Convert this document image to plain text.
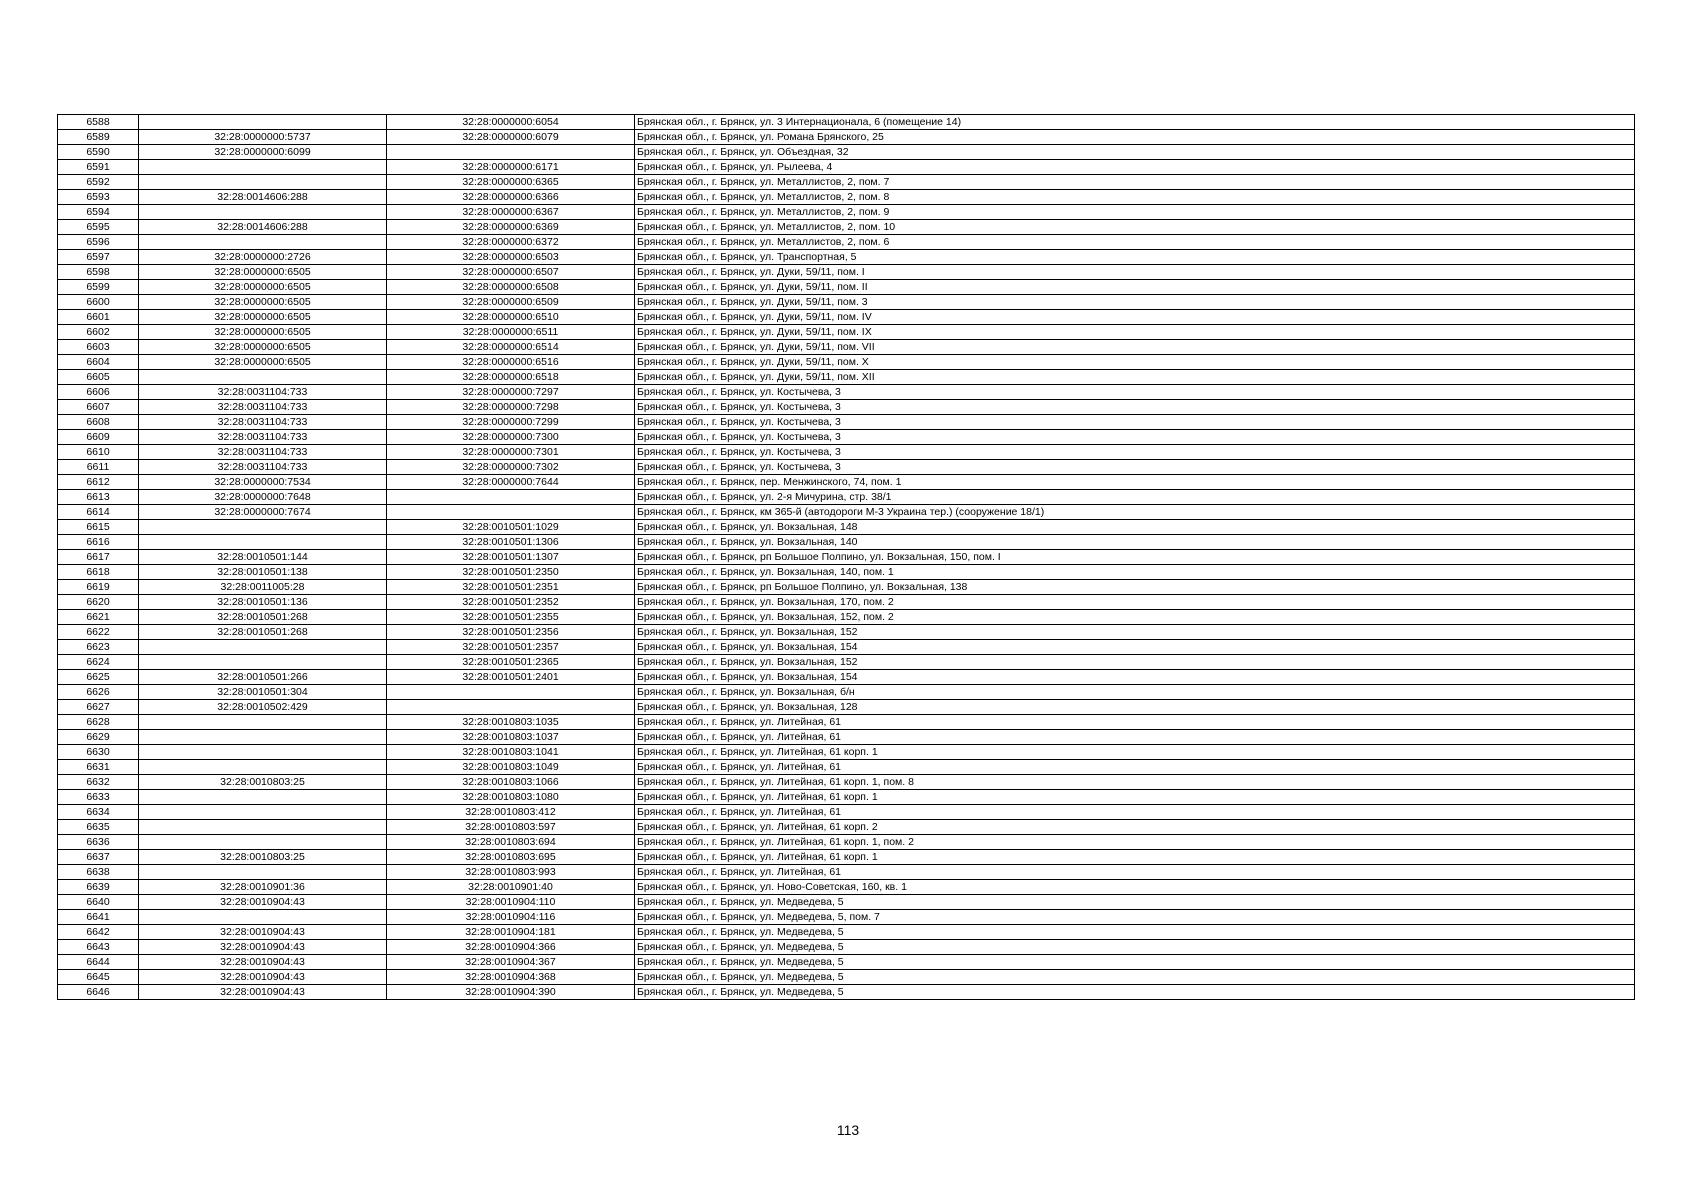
6588		32:28:0000000:6054	Брянская обл., г. Брянск, ул. 3 Интернационала, 6 (помещение 14)
6589	32:28:0000000:5737	32:28:0000000:6079	Брянская обл., г. Брянск, ул. Романа Брянского, 25
6590	32:28:0000000:6099		Брянская обл., г. Брянск, ул. Объездная, 32
6591		32:28:0000000:6171	Брянская обл., г. Брянск, ул. Рылеева, 4
6592		32:28:0000000:6365	Брянская обл., г. Брянск, ул. Металлистов, 2, пом. 7
6593	32:28:0014606:288	32:28:0000000:6366	Брянская обл., г. Брянск, ул. Металлистов, 2, пом. 8
6594		32:28:0000000:6367	Брянская обл., г. Брянск, ул. Металлистов, 2, пом. 9
6595	32:28:0014606:288	32:28:0000000:6369	Брянская обл., г. Брянск, ул. Металлистов, 2, пом. 10
6596		32:28:0000000:6372	Брянская обл., г. Брянск, ул. Металлистов, 2, пом. 6
6597	32:28:0000000:2726	32:28:0000000:6503	Брянская обл., г. Брянск, ул. Транспортная, 5
6598	32:28:0000000:6505	32:28:0000000:6507	Брянская обл., г. Брянск, ул. Дуки, 59/11, пом. I
6599	32:28:0000000:6505	32:28:0000000:6508	Брянская обл., г. Брянск, ул. Дуки, 59/11, пом. II
6600	32:28:0000000:6505	32:28:0000000:6509	Брянская обл., г. Брянск, ул. Дуки, 59/11, пом. 3
6601	32:28:0000000:6505	32:28:0000000:6510	Брянская обл., г. Брянск, ул. Дуки, 59/11, пом. IV
6602	32:28:0000000:6505	32:28:0000000:6511	Брянская обл., г. Брянск, ул. Дуки, 59/11, пом. IX
6603	32:28:0000000:6505	32:28:0000000:6514	Брянская обл., г. Брянск, ул. Дуки, 59/11, пом. VII
6604	32:28:0000000:6505	32:28:0000000:6516	Брянская обл., г. Брянск, ул. Дуки, 59/11, пом. X
6605		32:28:0000000:6518	Брянская обл., г. Брянск, ул. Дуки, 59/11, пом. XII
6606	32:28:0031104:733	32:28:0000000:7297	Брянская обл., г. Брянск, ул. Костычева, 3
6607	32:28:0031104:733	32:28:0000000:7298	Брянская обл., г. Брянск, ул. Костычева, 3
6608	32:28:0031104:733	32:28:0000000:7299	Брянская обл., г. Брянск, ул. Костычева, 3
6609	32:28:0031104:733	32:28:0000000:7300	Брянская обл., г. Брянск, ул. Костычева, 3
6610	32:28:0031104:733	32:28:0000000:7301	Брянская обл., г. Брянск, ул. Костычева, 3
6611	32:28:0031104:733	32:28:0000000:7302	Брянская обл., г. Брянск, ул. Костычева, 3
6612	32:28:0000000:7534	32:28:0000000:7644	Брянская обл., г. Брянск, пер. Менжинского, 74, пом. 1
6613	32:28:0000000:7648		Брянская обл., г. Брянск, ул. 2-я Мичурина, стр. 38/1
6614	32:28:0000000:7674		Брянская обл., г. Брянск, км 365-й (автодороги М-3 Украина тер.) (сооружение 18/1)
6615		32:28:0010501:1029	Брянская обл., г. Брянск, ул. Вокзальная, 148
6616		32:28:0010501:1306	Брянская обл., г. Брянск, ул. Вокзальная, 140
6617	32:28:0010501:144	32:28:0010501:1307	Брянская обл., г. Брянск, рп Большое Полпино, ул. Вокзальная, 150, пом. I
6618	32:28:0010501:138	32:28:0010501:2350	Брянская обл., г. Брянск, ул. Вокзальная, 140, пом. 1
6619	32:28:0011005:28	32:28:0010501:2351	Брянская обл., г. Брянск, рп Большое Полпино, ул. Вокзальная, 138
6620	32:28:0010501:136	32:28:0010501:2352	Брянская обл., г. Брянск, ул. Вокзальная, 170, пом. 2
6621	32:28:0010501:268	32:28:0010501:2355	Брянская обл., г. Брянск, ул. Вокзальная, 152, пом. 2
6622	32:28:0010501:268	32:28:0010501:2356	Брянская обл., г. Брянск, ул. Вокзальная, 152
6623		32:28:0010501:2357	Брянская обл., г. Брянск, ул. Вокзальная, 154
6624		32:28:0010501:2365	Брянская обл., г. Брянск, ул. Вокзальная, 152
6625	32:28:0010501:266	32:28:0010501:2401	Брянская обл., г. Брянск, ул. Вокзальная, 154
6626	32:28:0010501:304		Брянская обл., г. Брянск, ул. Вокзальная, б/н
6627	32:28:0010502:429		Брянская обл., г. Брянск, ул. Вокзальная, 128
6628		32:28:0010803:1035	Брянская обл., г. Брянск, ул. Литейная, 61
6629		32:28:0010803:1037	Брянская обл., г. Брянск, ул. Литейная, 61
6630		32:28:0010803:1041	Брянская обл., г. Брянск, ул. Литейная, 61 корп. 1
6631		32:28:0010803:1049	Брянская обл., г. Брянск, ул. Литейная, 61
6632	32:28:0010803:25	32:28:0010803:1066	Брянская обл., г. Брянск, ул. Литейная, 61 корп. 1, пом. 8
6633		32:28:0010803:1080	Брянская обл., г. Брянск, ул. Литейная, 61 корп. 1
6634		32:28:0010803:412	Брянская обл., г. Брянск, ул. Литейная, 61
6635		32:28:0010803:597	Брянская обл., г. Брянск, ул. Литейная, 61 корп. 2
6636		32:28:0010803:694	Брянская обл., г. Брянск, ул. Литейная, 61 корп. 1, пом. 2
6637	32:28:0010803:25	32:28:0010803:695	Брянская обл., г. Брянск, ул. Литейная, 61 корп. 1
6638		32:28:0010803:993	Брянская обл., г. Брянск, ул. Литейная, 61
6639	32:28:0010901:36	32:28:0010901:40	Брянская обл., г. Брянск, ул. Ново-Советская, 160, кв. 1
6640	32:28:0010904:43	32:28:0010904:110	Брянская обл., г. Брянск, ул. Медведева, 5
6641		32:28:0010904:116	Брянская обл., г. Брянск, ул. Медведева, 5, пом. 7
6642	32:28:0010904:43	32:28:0010904:181	Брянская обл., г. Брянск, ул. Медведева, 5
6643	32:28:0010904:43	32:28:0010904:366	Брянская обл., г. Брянск, ул. Медведева, 5
6644	32:28:0010904:43	32:28:0010904:367	Брянская обл., г. Брянск, ул. Медведева, 5
6645	32:28:0010904:43	32:28:0010904:368	Брянская обл., г. Брянск, ул. Медведева, 5
6646	32:28:0010904:43	32:28:0010904:390	Брянская обл., г. Брянск, ул. Медведева, 5
113
